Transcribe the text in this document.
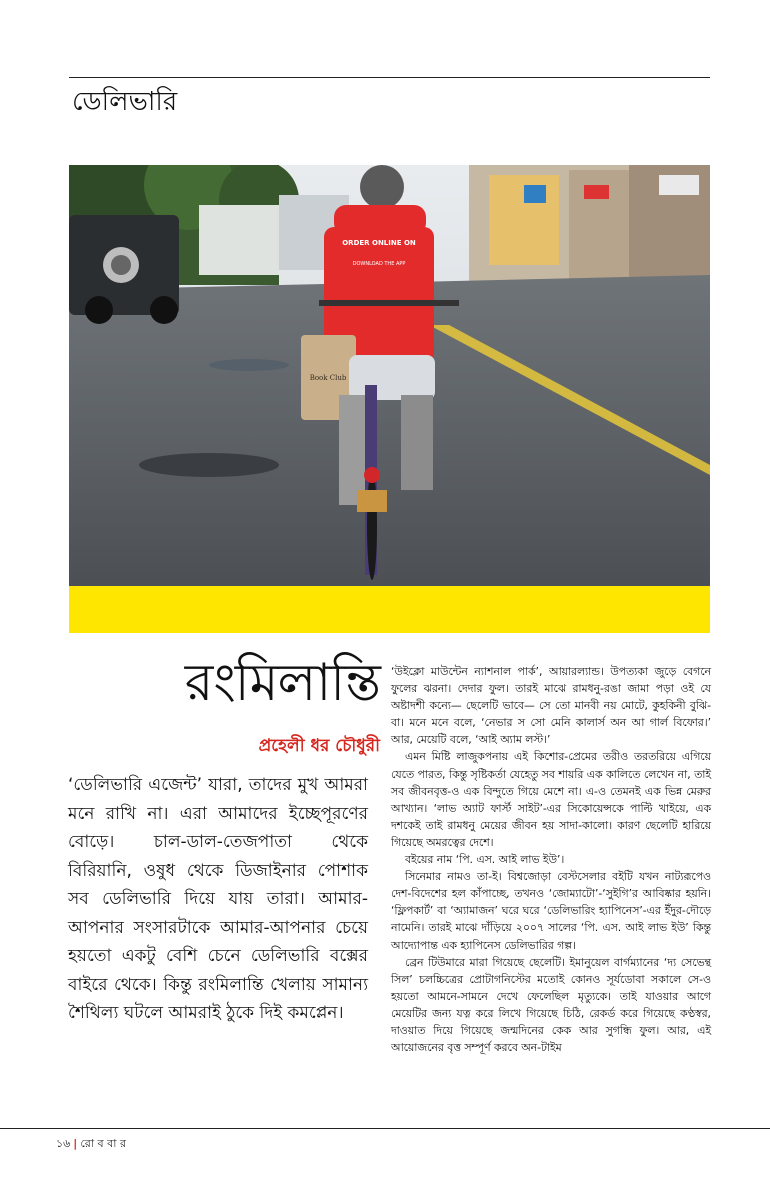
ডেলিভারি
ORDER ONLINE ON
DOWNLOAD THE APP
Book Club
রংমিলান্তি
প্রহেলী ধর চৌধুরী
‘ডেলিভারি এজেন্ট’ যারা, তাদের মুখ আমরা মনে রাখি না। এরা আমাদের ইচ্ছেপূরণের বোড়ে। চাল-ডাল-তেজপাতা থেকে বিরিয়ানি, ওষুধ থেকে ডিজাইনার পোশাক সব ডেলিভারি দিয়ে যায় তারা। আমার-আপনার সংসারটাকে আমার-আপনার চেয়ে হয়তো একটু বেশি চেনে ডেলিভারি বক্সের বাইরে থেকে। কিন্তু রংমিলান্তি খেলায় সামান্য শৈথিল্য ঘটলে আমরাই ঠুকে দিই কমপ্লেন।

‘উইক্লো মাউন্টেন ন্যাশনাল পার্ক’, আয়ারল্যান্ড। উপত্যকা জুড়ে বেগনে ফুলের ঝরনা। দেদার ফুল। তারই মাঝে রামধনু-রঙা জামা পড়া ওই যে অষ্টাদশী কন্যে— ছেলেটি ভাবে— সে তো মানবী নয় মোটে, কুহকিনী বুঝি-বা। মনে মনে বলে, ‘নেভার স সো মেনি কালার্স অন আ গার্ল বিফোর।’ আর, মেয়েটি বলে, ‘আই অ্যাম লস্ট।’

এমন মিষ্টি লাজুকপনায় এই কিশোর-প্রেমের তরীও তরতরিয়ে এগিয়ে যেতে পারত, কিন্তু সৃষ্টিকর্তা যেহেতু সব শায়রি এক কালিতে লেখেন না, তাই সব জীবনবৃত্ত-ও এক বিন্দুতে গিয়ে মেশে না। এ-ও তেমনই এক ভিন্ন মেরুর আখ্যান। ‘লাভ অ্যাট ফার্স্ট সাইট’-এর সিকোয়েন্সকে পাল্টি খাইয়ে, এক দশকেই তাই রামধনু মেয়ের জীবন হয় সাদা-কালো। কারণ ছেলেটি হারিয়ে গিয়েছে অমরত্বের দেশে।

বইয়ের নাম ‘পি. এস. আই লাভ ইউ’।

সিনেমার নামও তা-ই। বিশ্বজোড়া বেস্টসেলার বইটি যখন নাট্যরূপেও দেশ-বিদেশের হল কাঁপাচ্ছে, তখনও ‘জোম্যাটো’-‘সুইগি’র আবিষ্কার হয়নি। ‘ফ্লিপকার্ট’ বা ‘অ্যামাজন’ ঘরে ঘরে ‘ডেলিভারিং হ্যাপিনেস’-এর ইঁদুর-দৌড়ে নামেনি। তারই মাঝে দাঁড়িয়ে ২০০৭ সালের ‘পি. এস. আই লাভ ইউ’ কিন্তু আদ্যোপান্ত এক হ্যাপিনেস ডেলিভারির গল্প।

ব্রেন টিউমারে মারা গিয়েছে ছেলেটি। ইমানুয়েল বার্গম্যানের ‘দ্য সেভেন্থ সিল’ চলচ্চিত্রের প্রোটাগনিস্টের মতোই কোনও সূর্যডোবা সকালে সে-ও হয়তো আমনে-সামনে দেখে ফেলেছিল মৃত্যুকে। তাই যাওয়ার আগে মেয়েটির জন্য যত্ন করে লিখে গিয়েছে চিঠি, রেকর্ড করে গিয়েছে কণ্ঠস্বর, দাওয়াত দিয়ে গিয়েছে জন্মদিনের কেক আর সুগন্ধি ফুল। আর, এই আয়োজনের বৃত্ত সম্পূর্ণ করবে অন-টাইম

১৬ | রো ব বা র
